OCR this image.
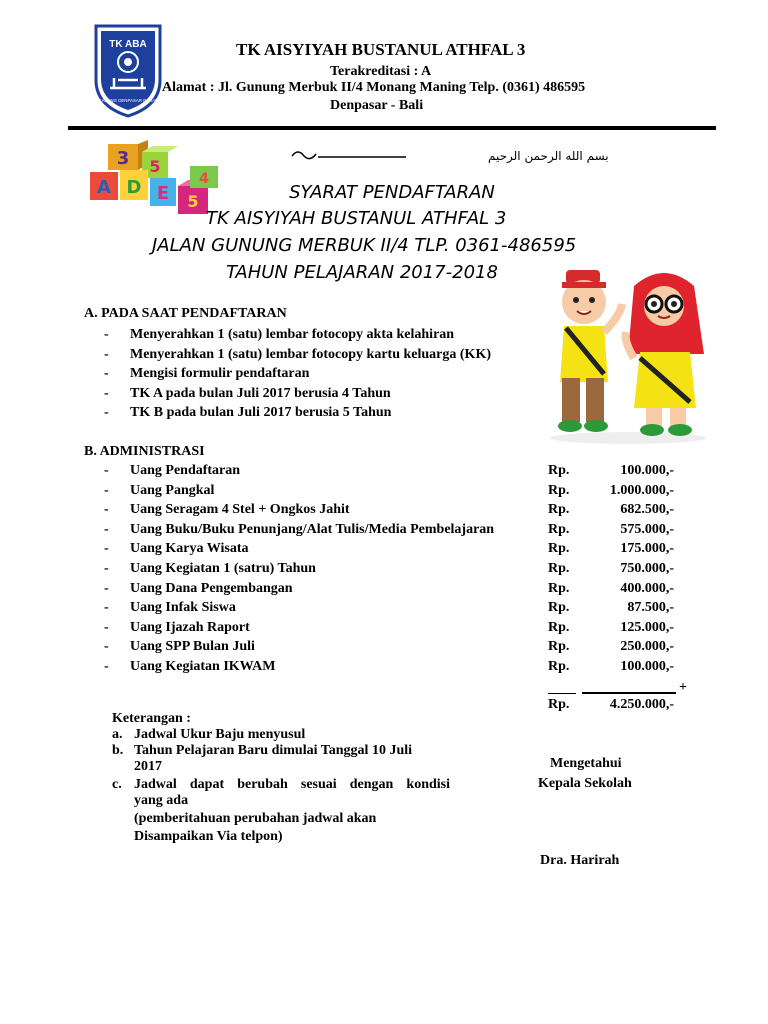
TK ABA
CABANG DENPASAR BARAT
TK AISYIYAH BUSTANUL ATHFAL 3
Terakreditasi : A
Alamat : Jl. Gunung Merbuk II/4 Monang Maning Telp. (0361) 486595
Denpasar - Bali
بسم الله الرحمن الرحيم
3 5
A D E 5
4
SYARAT PENDAFTARAN
TK AISYIYAH BUSTANUL ATHFAL 3
JALAN GUNUNG MERBUK II/4 TLP. 0361-486595
TAHUN PELAJARAN 2017-2018
A. PADA SAAT PENDAFTARAN
- Menyerahkan 1 (satu) lembar fotocopy akta kelahiran
- Menyerahkan 1 (satu) lembar fotocopy kartu keluarga (KK)
- Mengisi formulir pendaftaran
- TK A pada bulan Juli 2017 berusia 4 Tahun
- TK B pada bulan Juli 2017 berusia 5 Tahun
B. ADMINISTRASI
- Uang Pendaftaran	Rp.	100.000,-
- Uang Pangkal	Rp.	1.000.000,-
- Uang Seragam 4 Stel + Ongkos Jahit	Rp.	682.500,-
- Uang Buku/Buku Penunjang/Alat Tulis/Media Pembelajaran	Rp.	575.000,-
- Uang Karya Wisata	Rp.	175.000,-
- Uang Kegiatan 1 (satru) Tahun	Rp.	750.000,-
- Uang Dana Pengembangan	Rp.	400.000,-
- Uang Infak Siswa	Rp.	87.500,-
- Uang Ijazah Raport	Rp.	125.000,-
- Uang SPP Bulan Juli	Rp.	250.000,-
- Uang Kegiatan IKWAM	Rp.	100.000,-
+
Rp.	4.250.000,-
Keterangan :
a. Jadwal Ukur Baju menyusul
b. Tahun Pelajaran Baru dimulai Tanggal 10 Juli
2017
c. Jadwal dapat berubah sesuai dengan kondisi
yang ada
(pemberitahuan perubahan jadwal akan
Disampaikan Via telpon)
Mengetahui
Kepala Sekolah
Dra. Harirah
